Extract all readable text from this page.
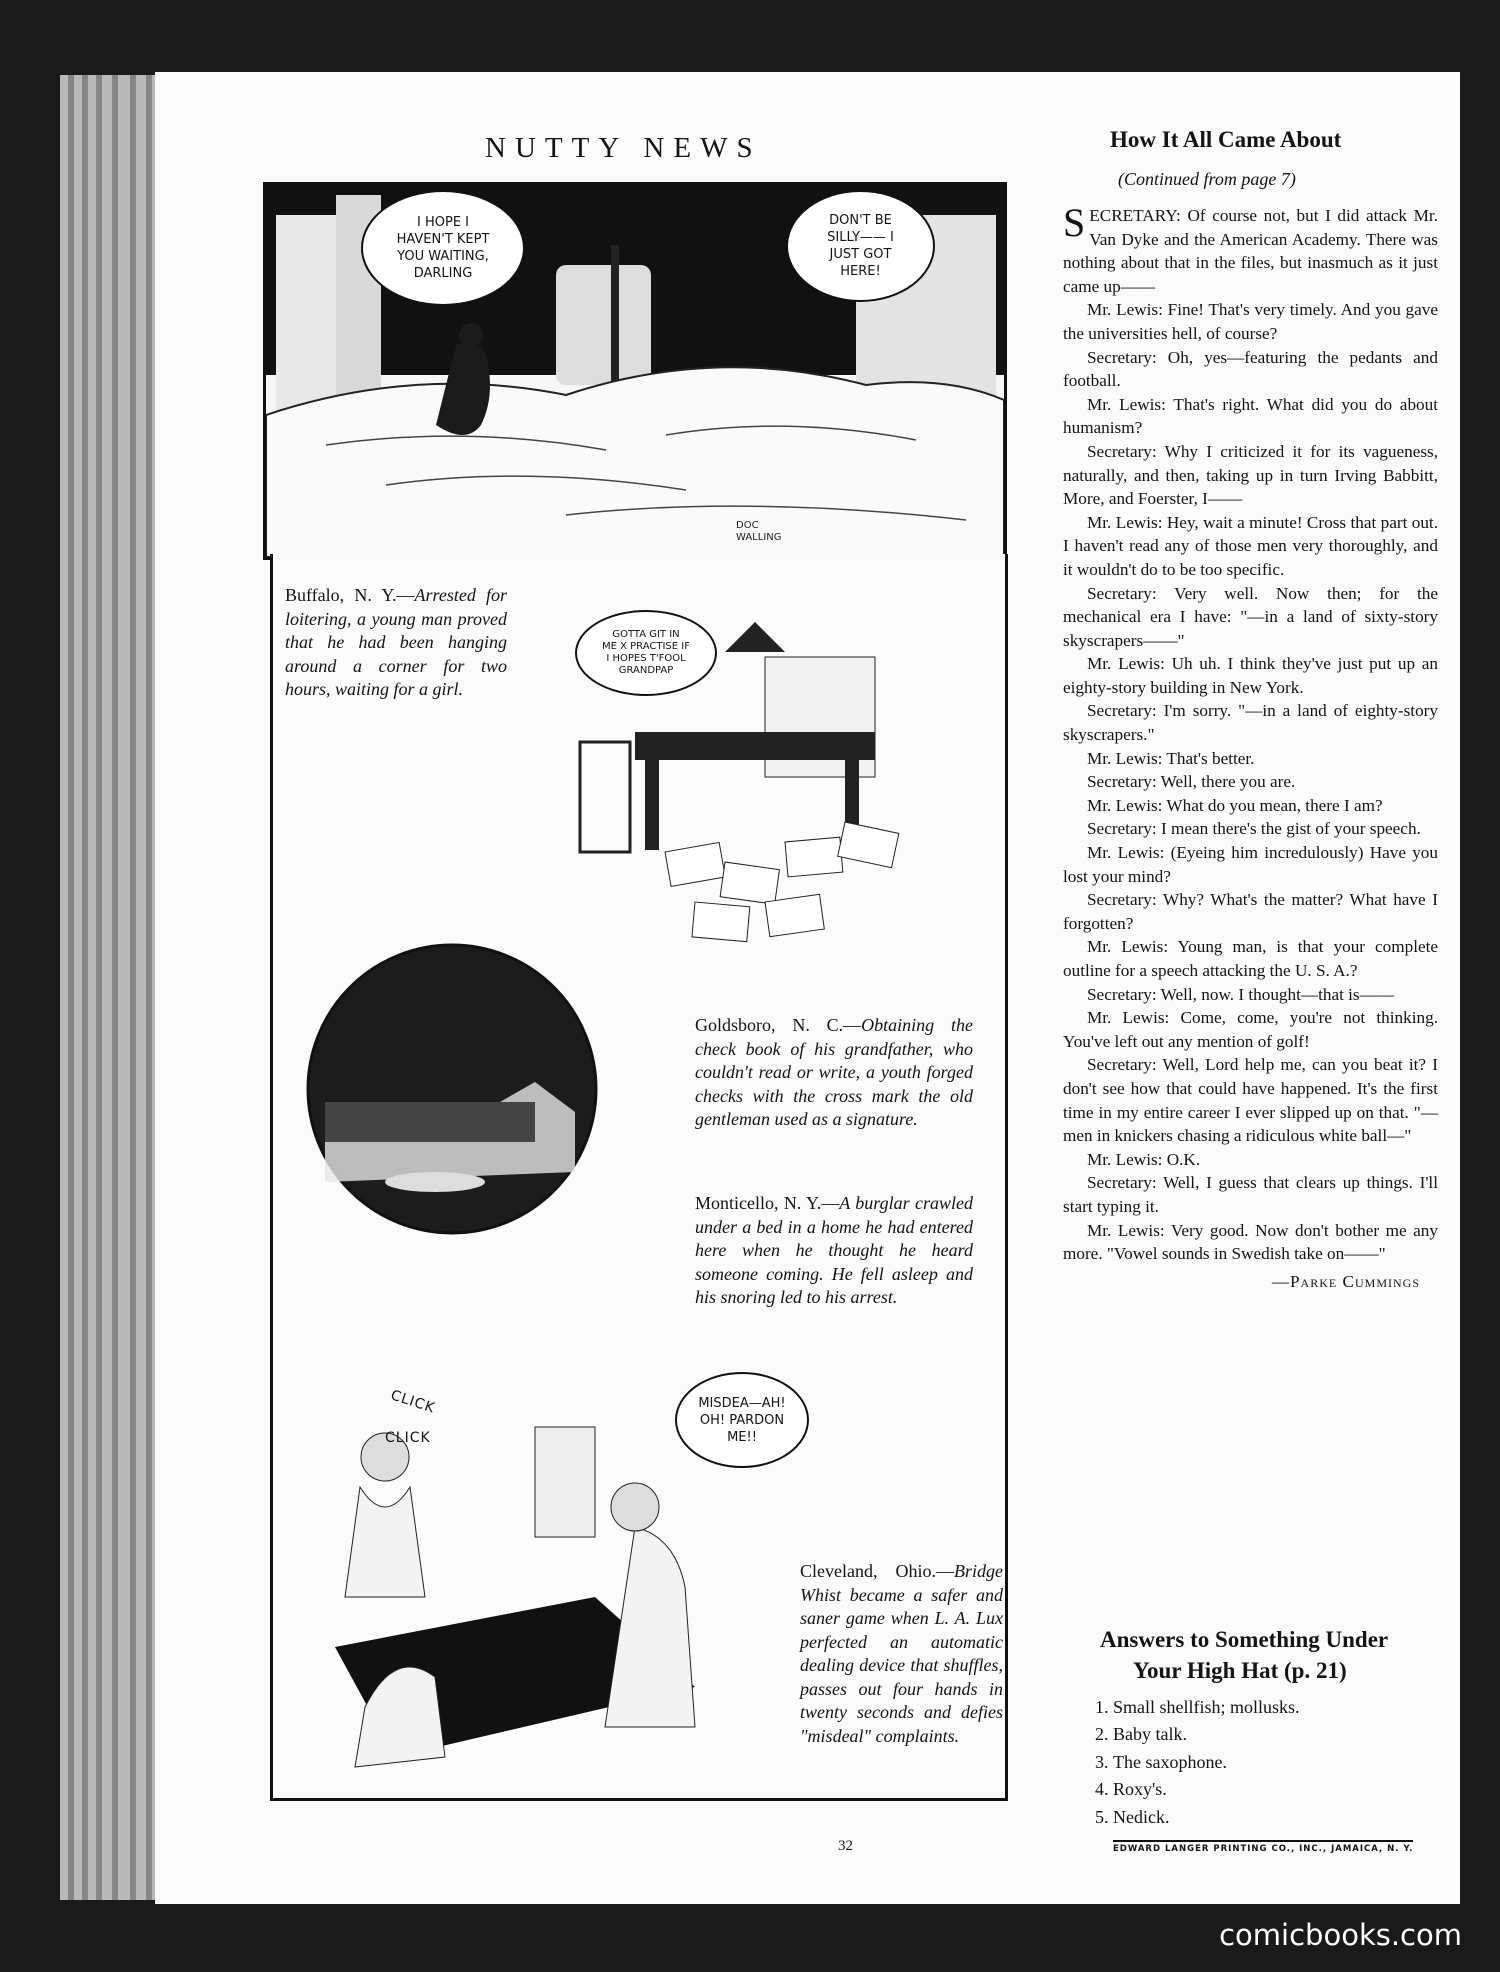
NUTTY NEWS
I HOPE I
HAVEN'T KEPT
YOU WAITING,
DARLING
DON'T BE
SILLY—— I
JUST GOT
HERE!
DOC
WALLING
GOTTA GIT IN
ME X PRACTISE IF
I HOPES T'FOOL
GRANDPAP
CLICK
CLICK
MISDEA—AH!
OH! PARDON
ME!!
Buffalo, N. Y.—Arrested for loitering, a young man proved that he had been hanging around a corner for two hours, waiting for a girl.
Goldsboro, N. C.—Obtaining the check book of his grandfather, who couldn't read or write, a youth forged checks with the cross mark the old gentleman used as a signature.
Monticello, N. Y.—A burglar crawled under a bed in a home he had entered here when he thought he heard someone coming. He fell asleep and his snoring led to his arrest.
Cleveland, Ohio.—Bridge Whist became a safer and saner game when L. A. Lux perfected an automatic dealing device that shuffles, passes out four hands in twenty seconds and defies "misdeal" complaints.
How It All Came About
(Continued from page 7)

SECRETARY: Of course not, but I did attack Mr. Van Dyke and the American Academy. There was nothing about that in the files, but inasmuch as it just came up——

Mr. Lewis: Fine! That's very timely. And you gave the universities hell, of course?

Secretary: Oh, yes—featuring the pedants and football.

Mr. Lewis: That's right. What did you do about humanism?

Secretary: Why I criticized it for its vagueness, naturally, and then, taking up in turn Irving Babbitt, More, and Foerster, I——

Mr. Lewis: Hey, wait a minute! Cross that part out. I haven't read any of those men very thoroughly, and it wouldn't do to be too specific.

Secretary: Very well. Now then; for the mechanical era I have: "—in a land of sixty-story skyscrapers——"

Mr. Lewis: Uh uh. I think they've just put up an eighty-story building in New York.

Secretary: I'm sorry. "—in a land of eighty-story skyscrapers."

Mr. Lewis: That's better.

Secretary: Well, there you are.

Mr. Lewis: What do you mean, there I am?

Secretary: I mean there's the gist of your speech.

Mr. Lewis: (Eyeing him incredulously) Have you lost your mind?

Secretary: Why? What's the matter? What have I forgotten?

Mr. Lewis: Young man, is that your complete outline for a speech attacking the U. S. A.?

Secretary: Well, now. I thought—that is——

Mr. Lewis: Come, come, you're not thinking. You've left out any mention of golf!

Secretary: Well, Lord help me, can you beat it? I don't see how that could have happened. It's the first time in my entire career I ever slipped up on that. "—men in knickers chasing a ridiculous white ball—"

Mr. Lewis: O.K.

Secretary: Well, I guess that clears up things. I'll start typing it.

Mr. Lewis: Very good. Now don't bother me any more. "Vowel sounds in Swedish take on——"

—Parke Cummings
Answers to Something Under
Your High Hat (p. 21)
1. Small shellfish; mollusks.
2. Baby talk.
3. The saxophone.
4. Roxy's.
5. Nedick.
32	EDWARD LANGER PRINTING CO., INC., JAMAICA, N. Y.
comicbooks.com
